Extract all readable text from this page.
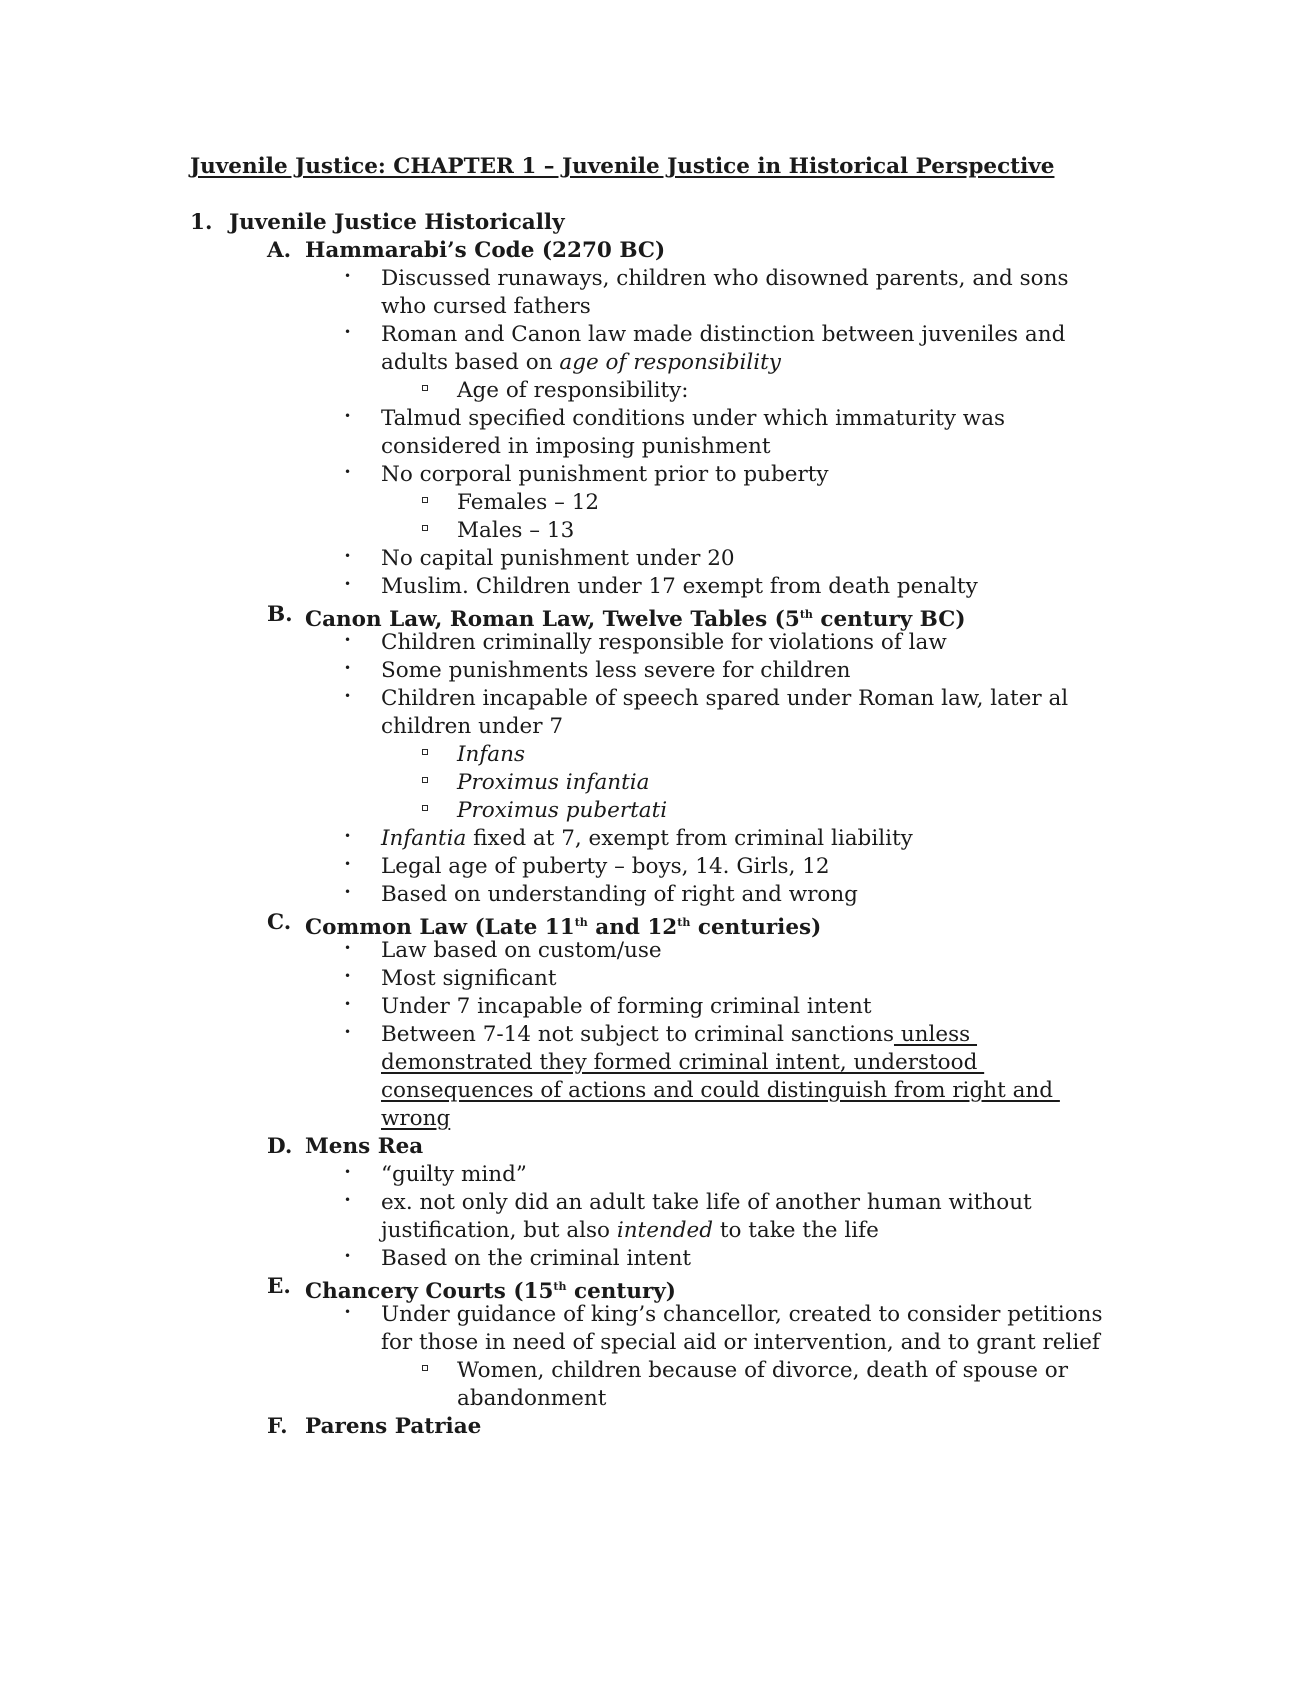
Juvenile Justice: CHAPTER 1 – Juvenile Justice in Historical Perspective
1. Juvenile Justice Historically
A. Hammarabi’s Code (2270 BC)
• Discussed runaways, children who disowned parents, and sons
who cursed fathers
• Roman and Canon law made distinction between juveniles and
adults based on age of responsibility
Age of responsibility:
• Talmud specified conditions under which immaturity was
considered in imposing punishment
• No corporal punishment prior to puberty
Females – 12
Males – 13
• No capital punishment under 20
• Muslim. Children under 17 exempt from death penalty
B. Canon Law, Roman Law, Twelve Tables (5th century BC)
• Children criminally responsible for violations of law
• Some punishments less severe for children
• Children incapable of speech spared under Roman law, later al
children under 7
Infans
Proximus infantia
Proximus pubertati
• Infantia fixed at 7, exempt from criminal liability
• Legal age of puberty – boys, 14. Girls, 12
• Based on understanding of right and wrong
C. Common Law (Late 11th and 12th centuries)
• Law based on custom/use
• Most significant
• Under 7 incapable of forming criminal intent
• Between 7-14 not subject to criminal sanctions unless
demonstrated they formed criminal intent, understood
consequences of actions and could distinguish from right and
wrong
D. Mens Rea
• “guilty mind”
• ex. not only did an adult take life of another human without
justification, but also intended to take the life
• Based on the criminal intent
E. Chancery Courts (15th century)
• Under guidance of king’s chancellor, created to consider petitions
for those in need of special aid or intervention, and to grant relief
Women, children because of divorce, death of spouse or
abandonment
F. Parens Patriae
